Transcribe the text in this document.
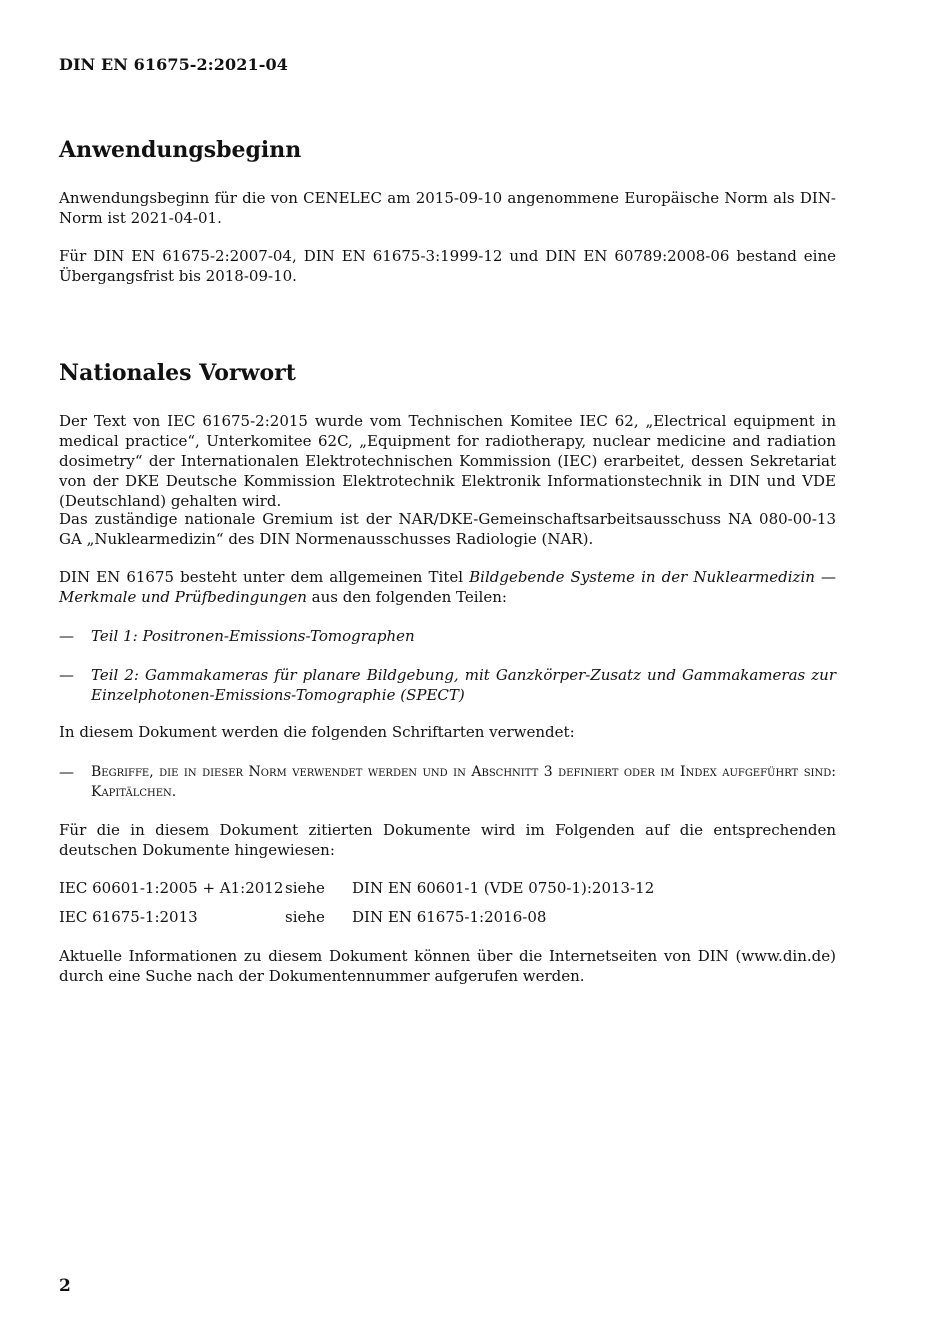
DIN EN 61675-2:2021-04
Anwendungsbeginn

Anwendungsbeginn für die von CENELEC am 2015-09-10 angenommene Europäische Norm als DIN-Norm ist 2021-04-01.

Für DIN EN 61675-2:2007-04, DIN EN 61675-3:1999-12 und DIN EN 60789:2008-06 bestand eine
Übergangsfrist bis 2018-09-10.
Nationales Vorwort

Der Text von IEC 61675-2:2015 wurde vom Technischen Komitee IEC 62, „Electrical equipment in medical practice“, Unterkomitee 62C, „Equipment for radiotherapy, nuclear medicine and radiation dosimetry“ der Internationalen Elektrotechnischen Kommission (IEC) erarbeitet, dessen Sekretariat von der DKE Deutsche Kommission Elektrotechnik Elektronik Informationstechnik in DIN und VDE (Deutschland) gehalten wird.

Das zuständige nationale Gremium ist der NAR/DKE-Gemeinschaftsarbeitsausschuss NA 080-00-13 GA „Nuklearmedizin“ des DIN Normenausschusses Radiologie (NAR).

DIN EN 61675 besteht unter dem allgemeinen Titel Bildgebende Systeme in der Nuklearmedizin — Merkmale und Prüfbedingungen aus den folgenden Teilen:

— Teil 1: Positronen-Emissions-Tomographen
— Teil 2: Gammakameras für planare Bildgebung, mit Ganzkörper-Zusatz und Gammakameras zur Einzelphotonen-Emissions-Tomographie (SPECT)

In diesem Dokument werden die folgenden Schriftarten verwendet:

— Begriffe, die in dieser Norm verwendet werden und in Abschnitt 3 definiert oder im Index aufgeführt sind: Kapitälchen.

Für die in diesem Dokument zitierten Dokumente wird im Folgenden auf die entsprechenden deutschen Dokumente hingewiesen:

IEC 60601-1:2005 + A1:2012 siehe DIN EN 60601-1 (VDE 0750-1):2013-12
IEC 61675-1:2013	siehe DIN EN 61675-1:2016-08

Aktuelle Informationen zu diesem Dokument können über die Internetseiten von DIN (www.din.de) durch eine Suche nach der Dokumentennummer aufgerufen werden.

2
